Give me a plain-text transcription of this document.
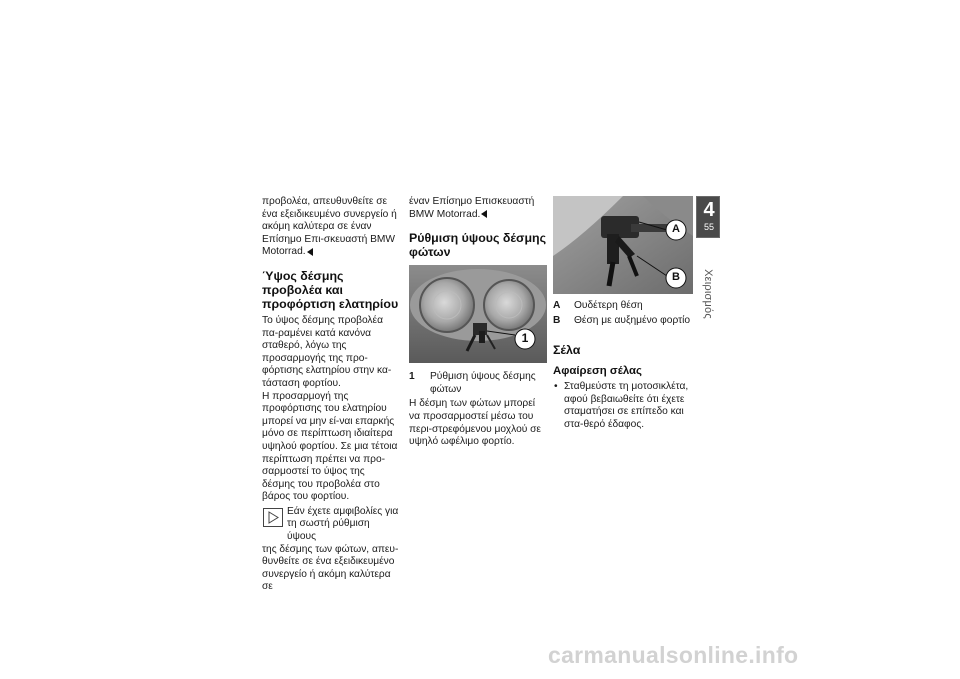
προβολέα, απευθυνθείτε σε ένα εξειδικευμένο συνεργείο ή ακόμη καλύτερα σε έναν Επίσημο Επι-σκευαστή BMW Motorrad.

Ύψος δέσμης προβολέα και προφόρτιση ελατηρίου

Το ύψος δέσμης προβολέα πα-ραμένει κατά κανόνα σταθερό, λόγω της προσαρμογής της προ-φόρτισης ελατηρίου στην κα-τάσταση φορτίου.

Η προσαρμογή της προφόρτισης του ελατηρίου μπορεί να μην εί-ναι επαρκής μόνο σε περίπτωση ιδιαίτερα υψηλού φορτίου. Σε μια τέτοια περίπτωση πρέπει να προ-σαρμοστεί το ύψος της δέσμης του προβολέα στο βάρος του φορτίου.

Εάν έχετε αμφιβολίες για
τη σωστή ρύθμιση ύψους
της δέσμης των φώτων, απευ-θυνθείτε σε ένα εξειδικευμένο συνεργείο ή ακόμη καλύτερα σε

έναν Επίσημο Επισκευαστή BMW Motorrad.

Ρύθμιση ύψους δέσμης φώτων
1
1	Ρύθμιση ύψους δέσμης φώτων

Η δέσμη των φώτων μπορεί να προσαρμοστεί μέσω του περι-στρεφόμενου μοχλού σε υψηλό ωφέλιμο φορτίο.

A
B
A	Ουδέτερη θέση
B	Θέση με αυξημένο φορτίο
Σέλα
Αφαίρεση σέλας
• Σταθμεύστε τη μοτοσικλέτα, αφού βεβαιωθείτε ότι έχετε σταματήσει σε επίπεδο και στα-θερό έδαφος.
4
55
Χειρισμός
carmanualsonline.info
